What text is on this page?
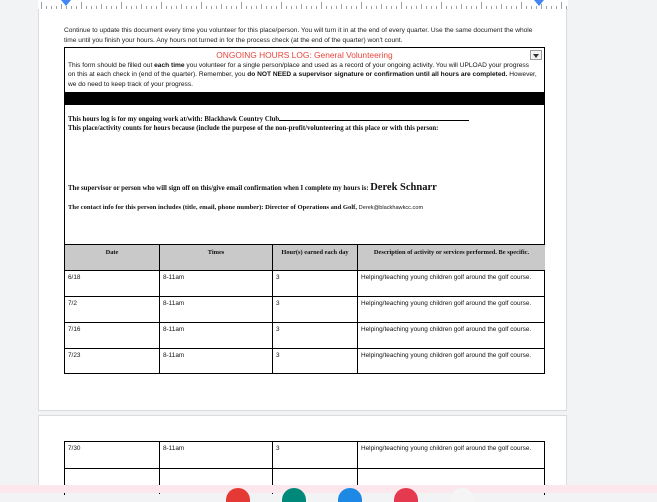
Continue to update this document every time you volunteer for this place/person. You will turn it in at the end of every quarter. Use the same document the whole time until you finish your hours. Any hours not turned in for the process check (at the end of the quarter) won't count.
ONGOING HOURS LOG: General Volunteering
This form should be filled out each time you volunteer for a single person/place and used as a record of your ongoing activity. You will UPLOAD your progress on this at each check in (end of the quarter). Remember, you do NOT NEED a supervisor signature or confirmation until all hours are completed. However, we do need to keep track of your progress.
This hours log is for my ongoing work at/with: Blackhawk Country Club
This place/activity counts for hours because (include the purpose of the non-profit/volunteering at this place or with this person:
The supervisor or person who will sign off on this/give email confirmation when I complete my hours is: Derek Schnarr
The contact info for this person includes (title, email, phone number): Director of Operations and Golf, Derek@blackhawkcc.com
Date	Times	Hour(s) earned each day	Description of activity or services performed. Be specific.
6/18	8-11am	3	Helping/teaching young children golf around the golf course.
7/2	8-11am	3	Helping/teaching young children golf around the golf course.
7/16	8-11am	3	Helping/teaching young children golf around the golf course.
7/23	8-11am	3	Helping/teaching young children golf around the golf course.
7/30	8-11am	3	Helping/teaching young children golf around the golf course.
